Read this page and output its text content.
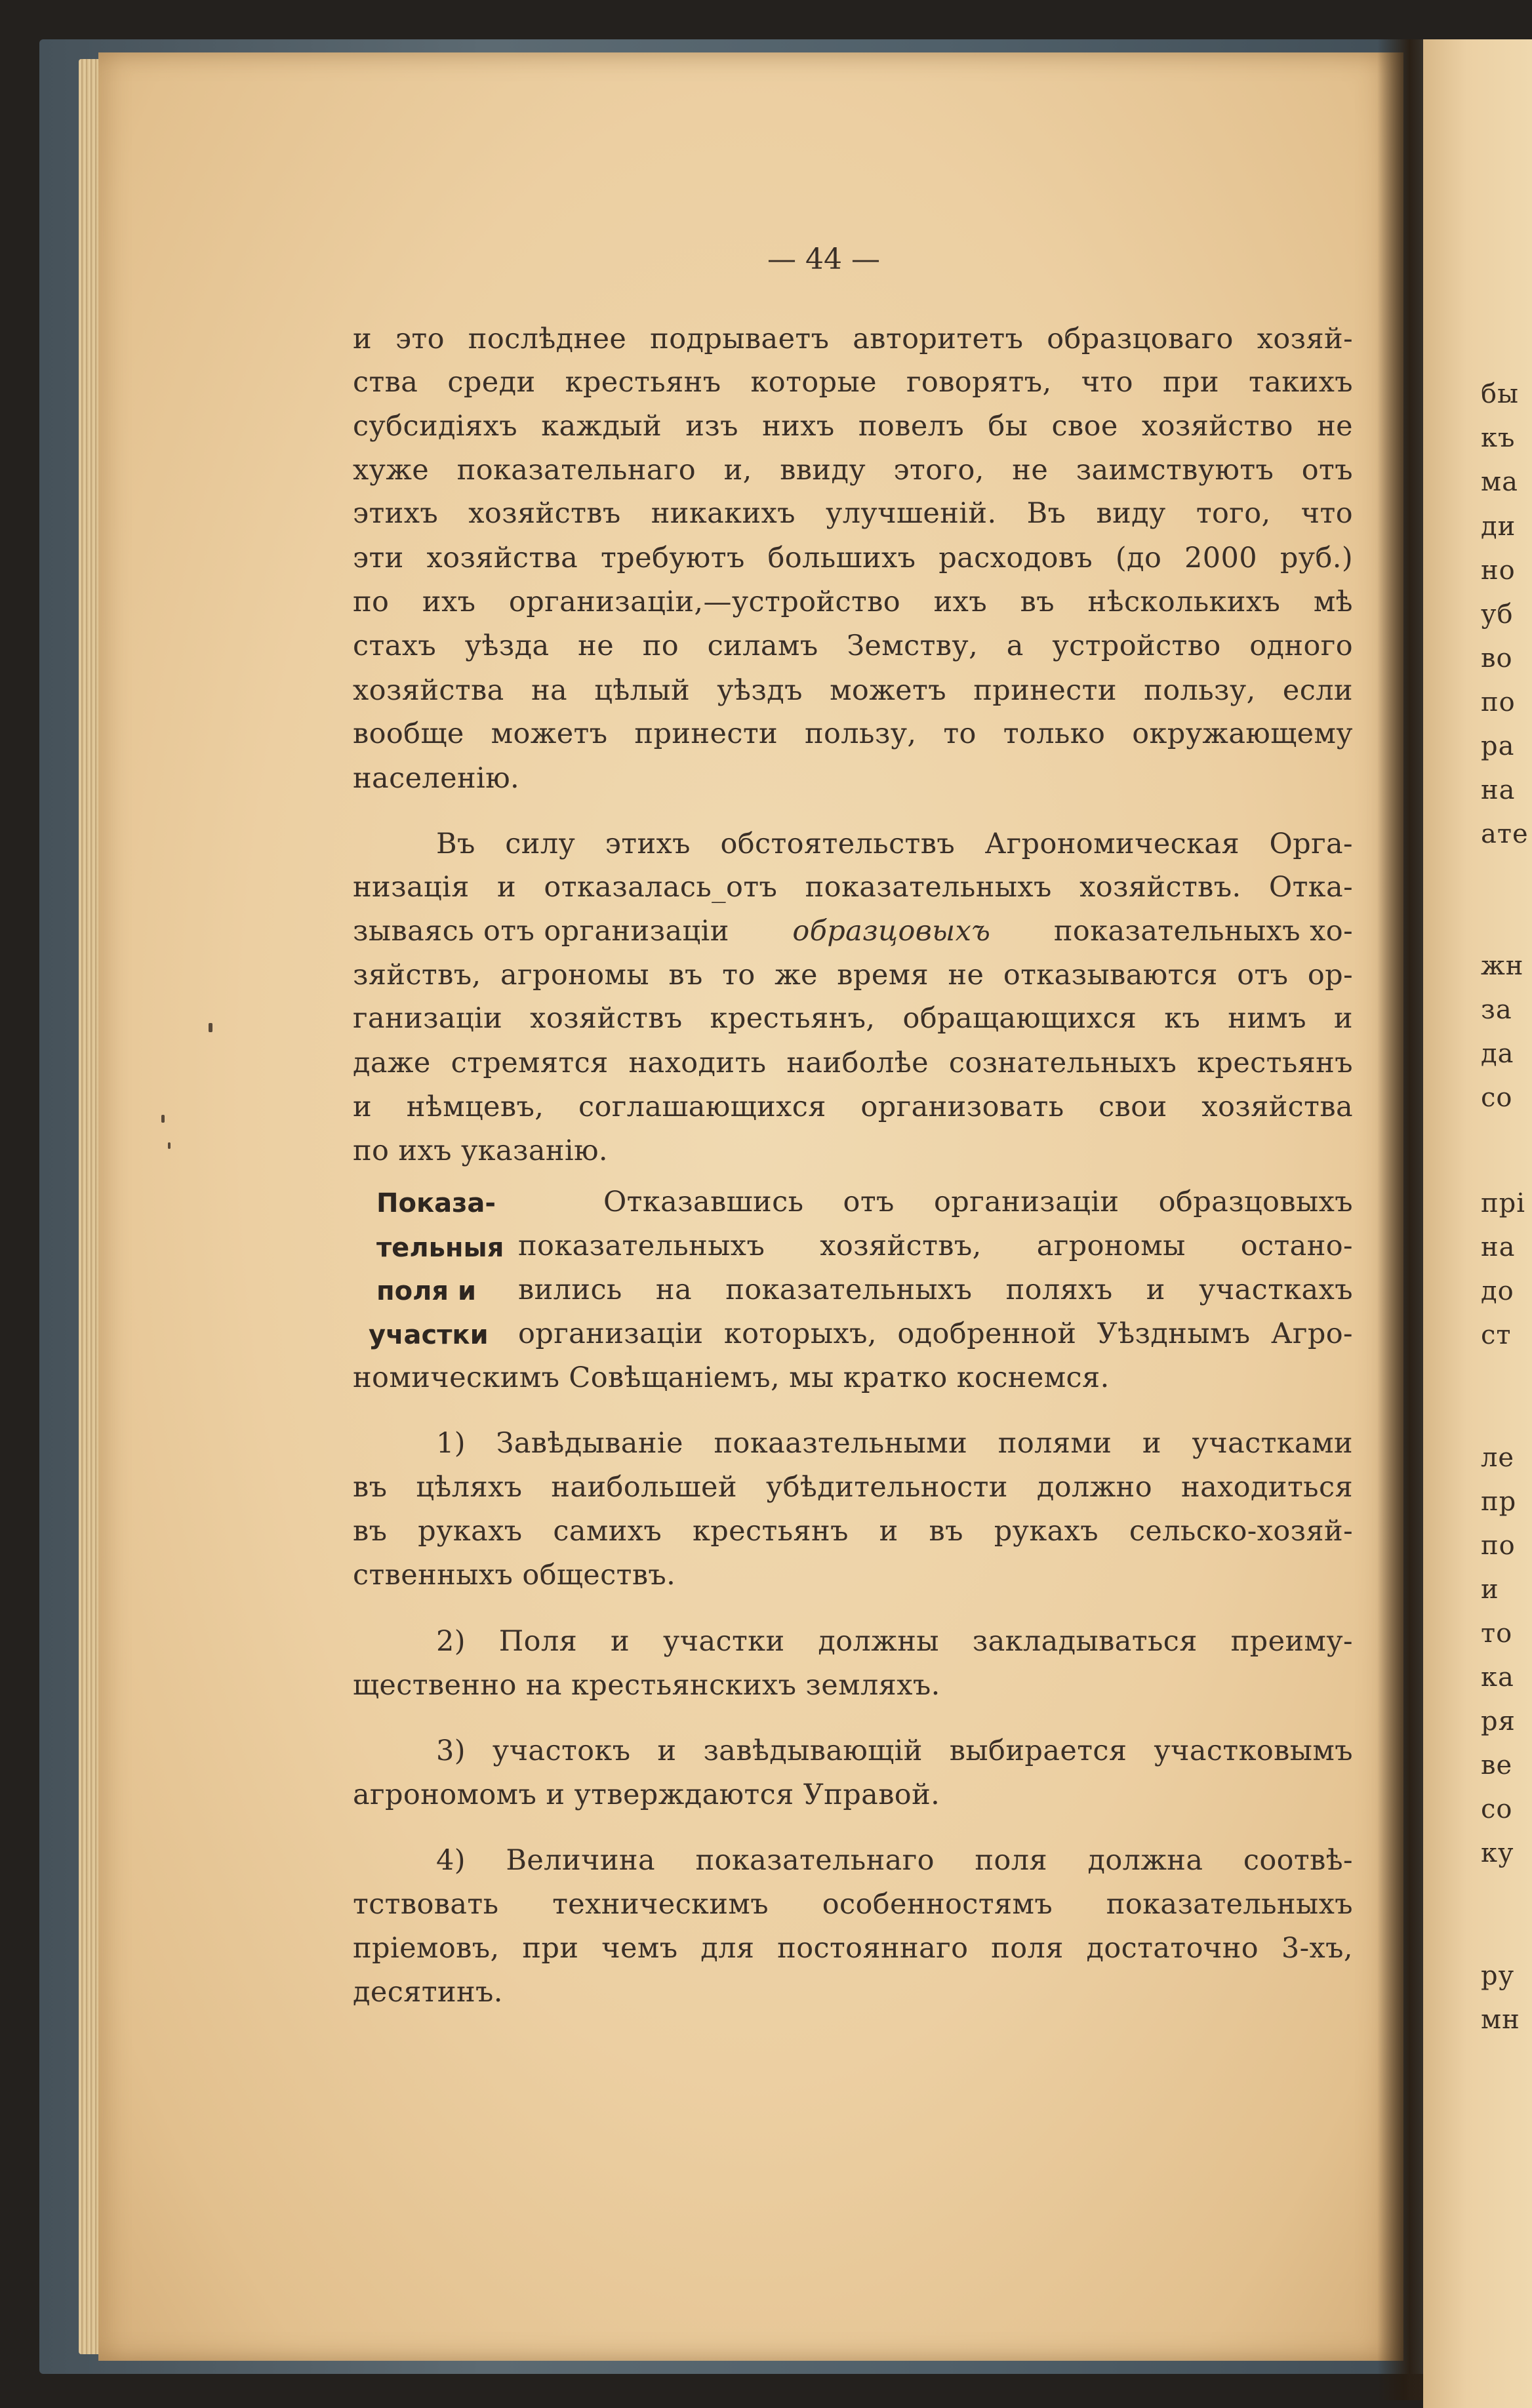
— 44 —
и это послѣднее подрываетъ авторитетъ образцоваго хозяй-
ства среди крестьянъ которые говорятъ, что при такихъ
субсидіяхъ каждый изъ нихъ повелъ бы свое хозяйство не
хуже показательнаго и, ввиду этого, не заимствуютъ отъ
этихъ хозяйствъ никакихъ улучшеній. Въ виду того, что
эти хозяйства требуютъ большихъ расходовъ (до 2000 руб.)
по ихъ организаціи,—устройство ихъ въ нѣсколькихъ мѣ
стахъ уѣзда не по силамъ Земству, а устройство одного
хозяйства на цѣлый уѣздъ можетъ принести пользу, если
вообще можетъ принести пользу, то только окружающему
населенію.
Въ силу этихъ обстоятельствъ Агрономическая Орга-
низація и отказалась_отъ показательныхъ хозяйствъ. Отка-
зываясь отъ организаціи образцовыхъ показательныхъ хо-
зяйствъ, агрономы въ то же время не отказываются отъ ор-
ганизаціи хозяйствъ крестьянъ, обращающихся къ нимъ и
даже стремятся находить наиболѣе сознательныхъ крестьянъ
и нѣмцевъ, соглашающихся организовать свои хозяйства
по ихъ указанію.
Показа-
тельныя
поля и
участки
Отказавшись отъ организаціи образцовыхъ
показательныхъ хозяйствъ, агрономы остано-
вились на показательныхъ поляхъ и участкахъ
организаціи которыхъ, одобренной Уѣзднымъ Агро-
номическимъ Совѣщаніемъ, мы кратко коснемся.
1) Завѣдываніе покаазтельными полями и участками
въ цѣляхъ наибольшей убѣдительности должно находиться
въ рукахъ самихъ крестьянъ и въ рукахъ сельско-хозяй-
ственныхъ обществъ.
2) Поля и участки должны закладываться преиму-
щественно на крестьянскихъ земляхъ.
3) участокъ и завѣдывающій выбирается участковымъ
агрономомъ и утверждаются Управой.
4) Величина показательнаго поля должна соотвѣ-
тствовать техническимъ особенностямъ показательныхъ
пріемовъ, при чемъ для постояннаго поля достаточно 3-хъ,
десятинъ.
бы
къ
ма
ди
но
уб
во
по
ра
на
ате
жн
за
да
со
прі
на
до
ст
ле
пр
по
и
то
ка
ря
ве
со
ку
ру
мн
